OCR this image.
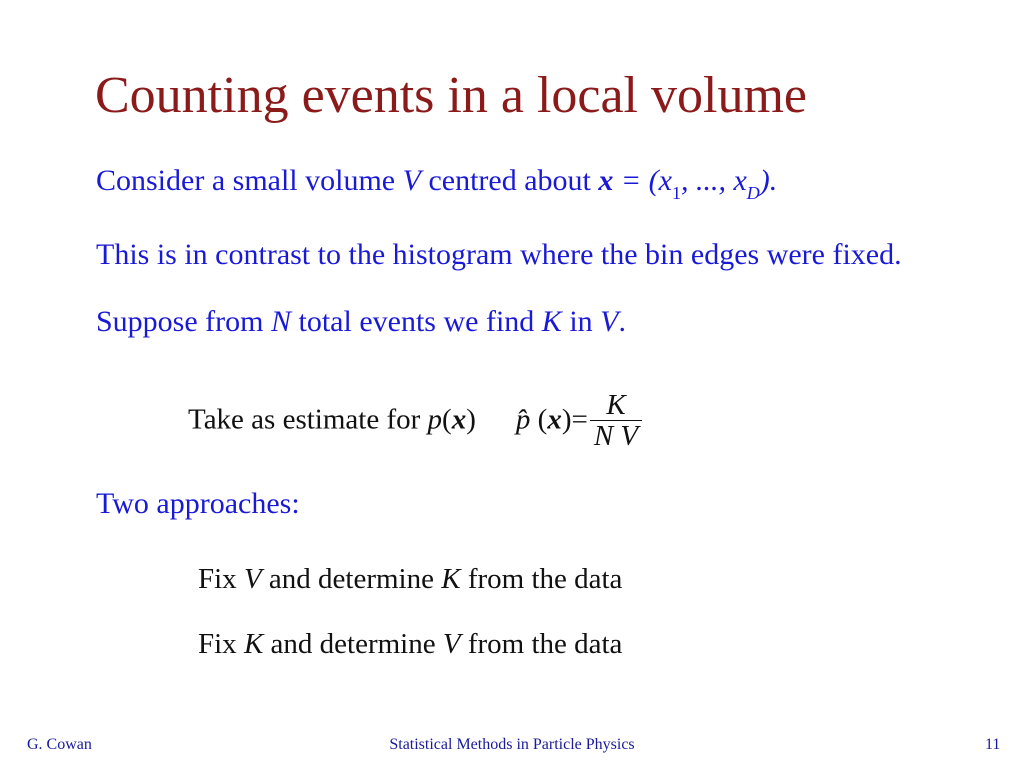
Counting events in a local volume
Consider a small volume V centred about $x = (x_1$, ..., $x_D$).
This is in contrast to the histogram where the bin edges were fixed.
Suppose from N total events we find K in V.
Take as estimate for p(x) p̂ $(x)= \frac{K}{\text{N V}}$
Two approaches:
Fix V and determine K from the data
Fix K and determine V from the data
G. Cowan	Statistical Methods in Particle Physics	11
